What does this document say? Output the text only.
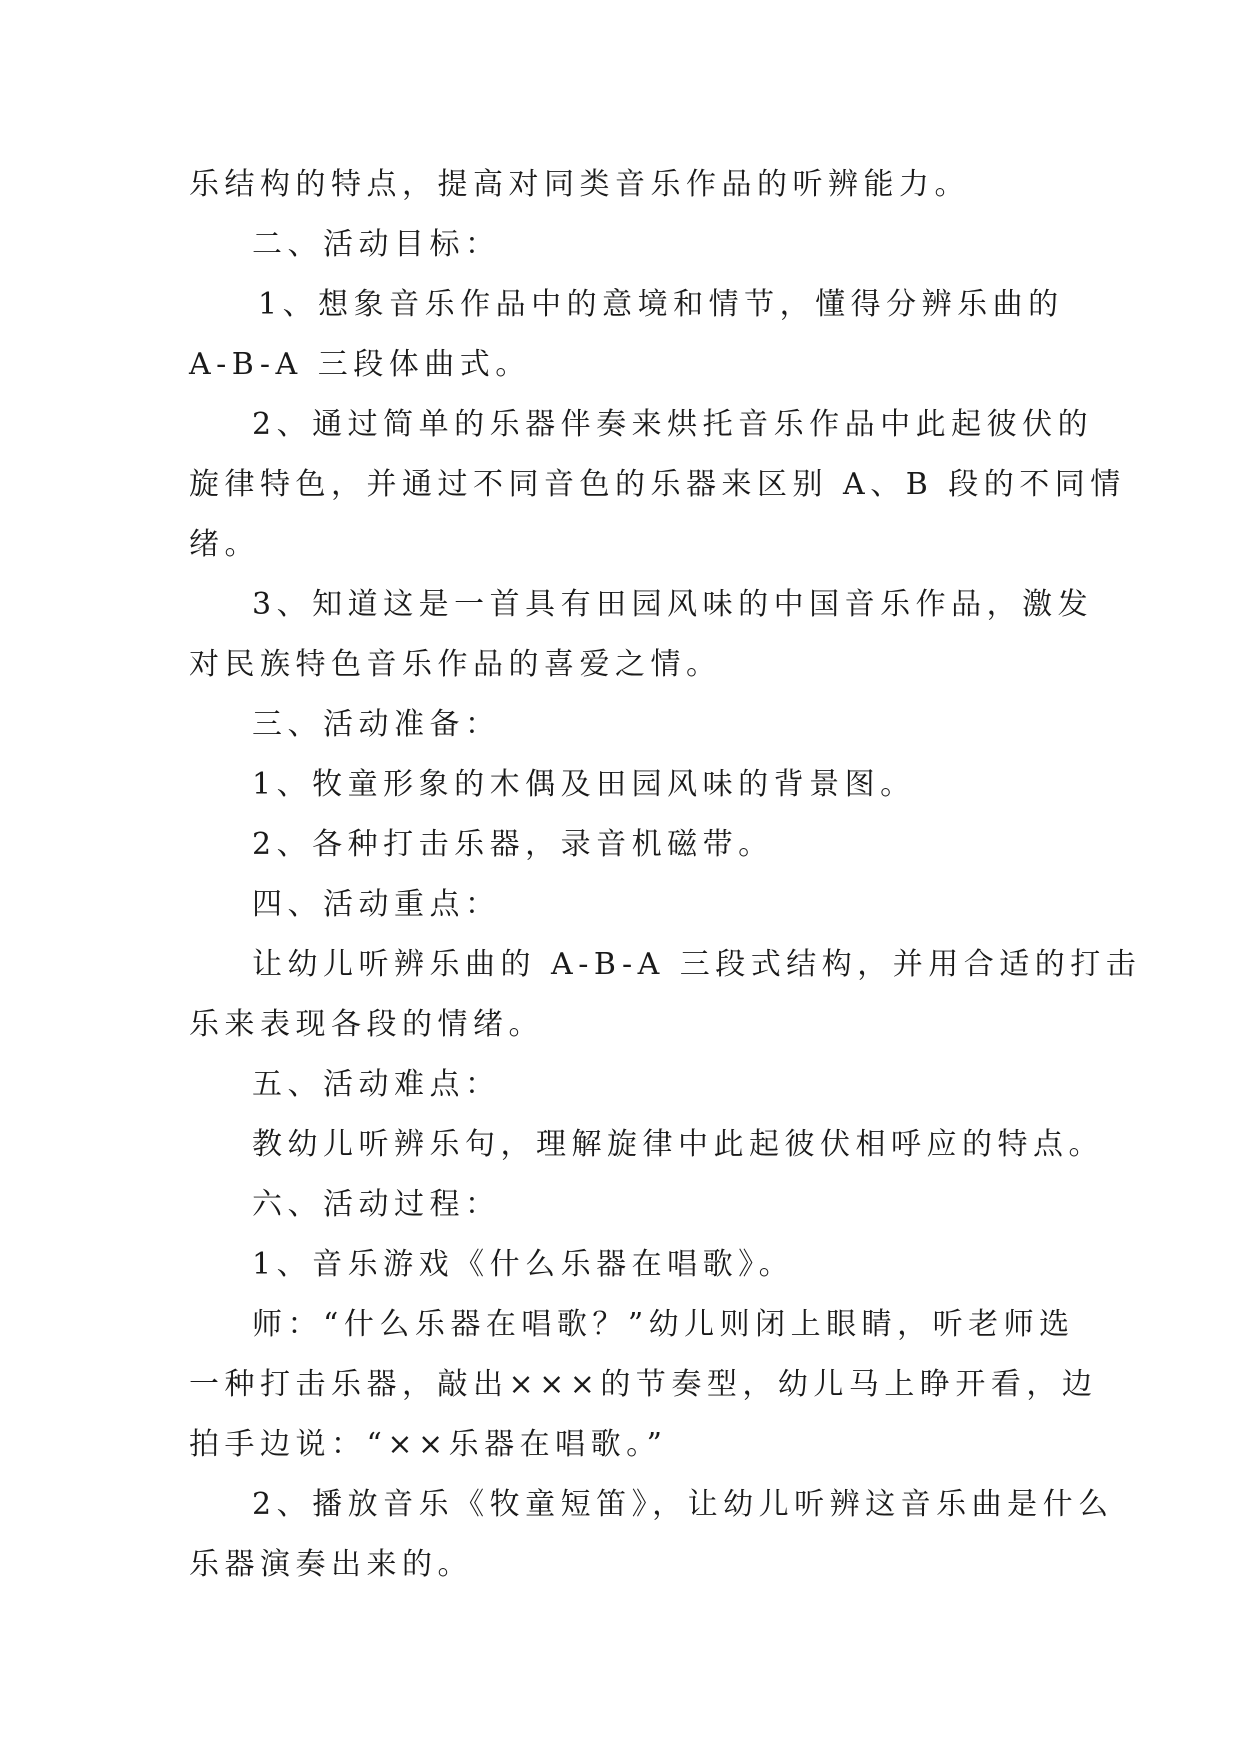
乐结构的特点，提高对同类音乐作品的听辨能力。
二、活动目标：
1、想象音乐作品中的意境和情节，懂得分辨乐曲的
A-B-A 三段体曲式。
2、通过简单的乐器伴奏来烘托音乐作品中此起彼伏的
旋律特色，并通过不同音色的乐器来区别 A、B 段的不同情
绪。
3、知道这是一首具有田园风味的中国音乐作品，激发
对民族特色音乐作品的喜爱之情。
三、活动准备：
1、牧童形象的木偶及田园风味的背景图。
2、各种打击乐器，录音机磁带。
四、活动重点：
让幼儿听辨乐曲的 A-B-A 三段式结构，并用合适的打击
乐来表现各段的情绪。
五、活动难点：
教幼儿听辨乐句，理解旋律中此起彼伏相呼应的特点。
六、活动过程：
1、音乐游戏《什么乐器在唱歌》。
师：“什么乐器在唱歌？”幼儿则闭上眼睛，听老师选
一种打击乐器，敲出×××的节奏型，幼儿马上睁开看，边
拍手边说：“××乐器在唱歌。”
2、播放音乐《牧童短笛》，让幼儿听辨这音乐曲是什么
乐器演奏出来的。
